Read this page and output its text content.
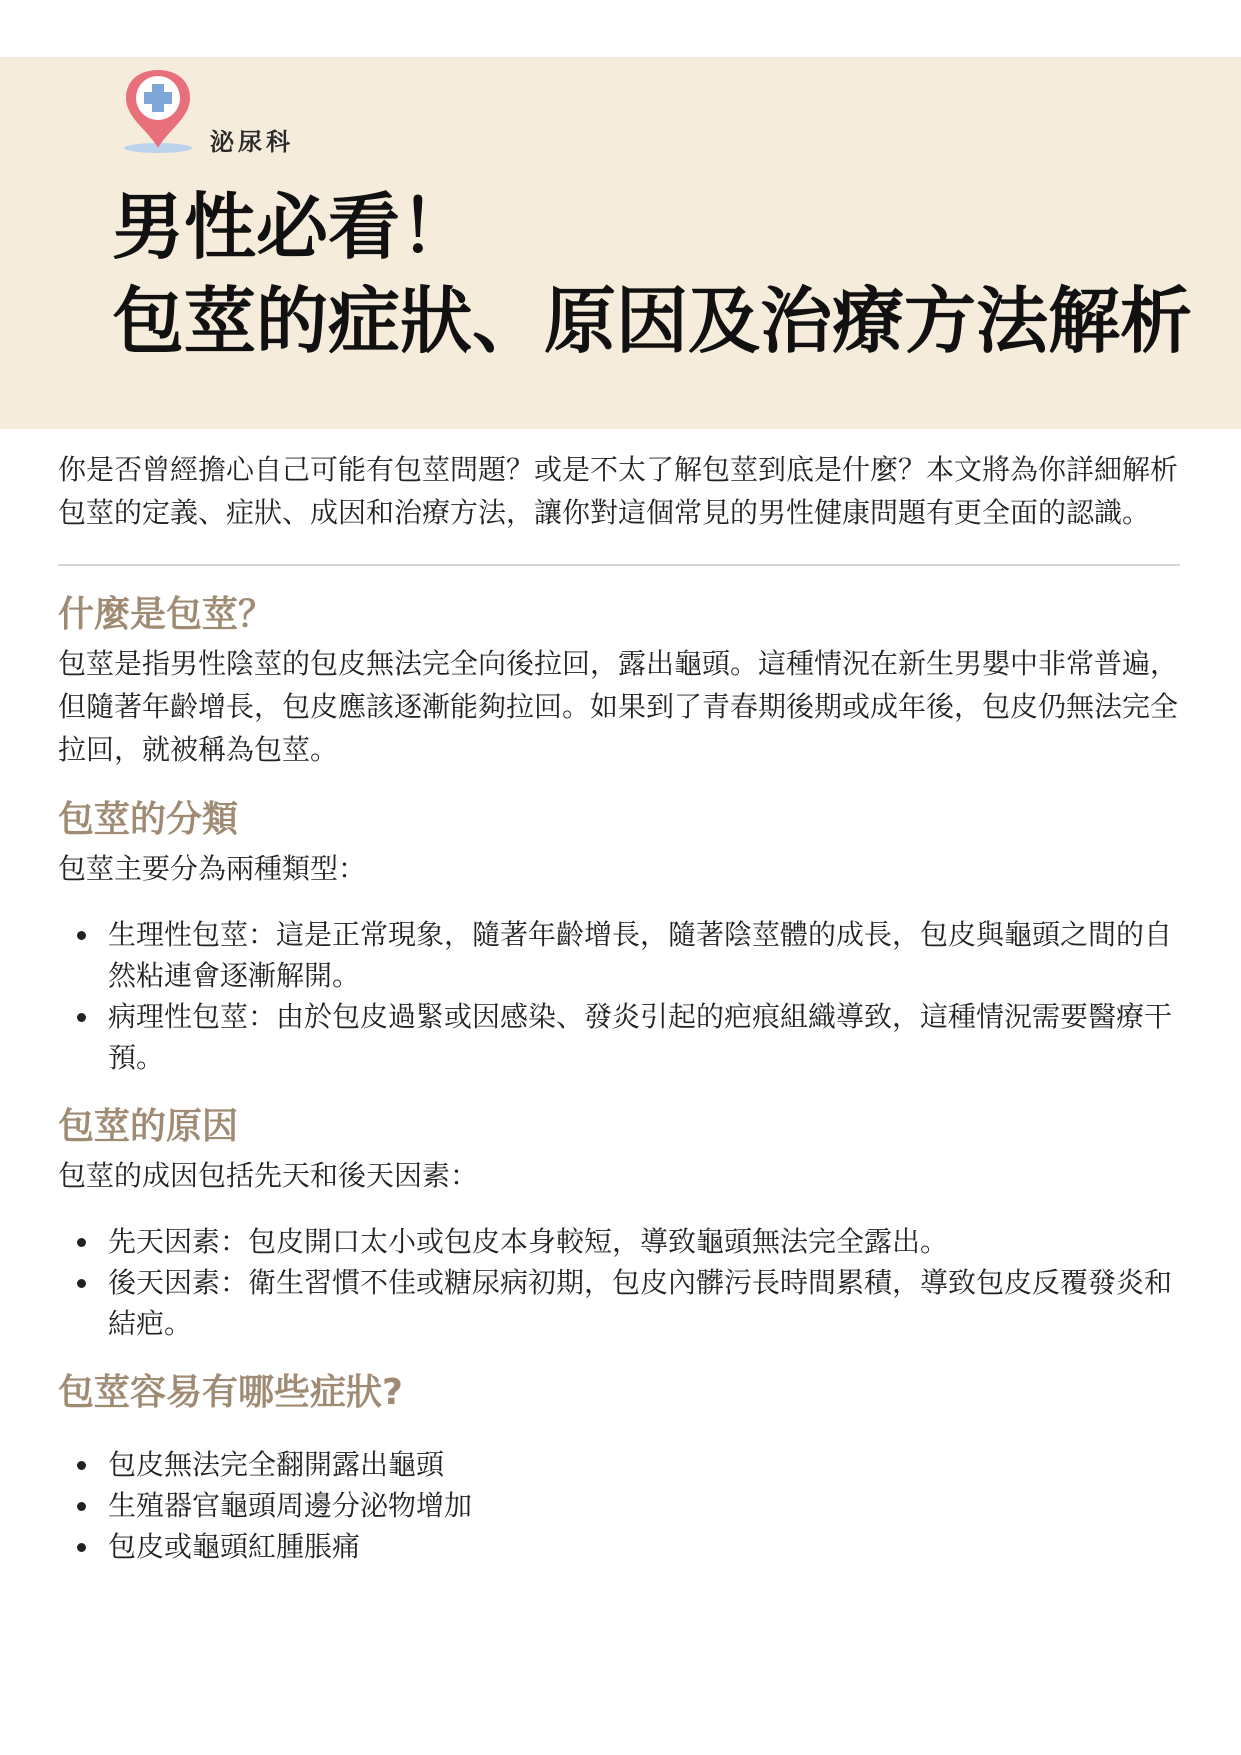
泌尿科
男性必看！
包莖的症狀、原因及治療方法解析

你是否曾經擔心自己可能有包莖問題？或是不太了解包莖到底是什麼？本文將為你詳細解析包莖的定義、症狀、成因和治療方法，讓你對這個常見的男性健康問題有更全面的認識。

什麼是包莖？

包莖是指男性陰莖的包皮無法完全向後拉回，露出龜頭。這種情況在新生男嬰中非常普遍，但隨著年齡增長，包皮應該逐漸能夠拉回。如果到了青春期後期或成年後，包皮仍無法完全拉回，就被稱為包莖。

包莖的分類

包莖主要分為兩種類型：

生理性包莖：這是正常現象，隨著年齡增長，隨著陰莖體的成長，包皮與龜頭之間的自然粘連會逐漸解開。
病理性包莖：由於包皮過緊或因感染、發炎引起的疤痕組織導致，這種情況需要醫療干預。
包莖的原因

包莖的成因包括先天和後天因素：

先天因素：包皮開口太小或包皮本身較短，導致龜頭無法完全露出。
後天因素：衛生習慣不佳或糖尿病初期，包皮內髒污長時間累積，導致包皮反覆發炎和結疤。
包莖容易有哪些症狀?
包皮無法完全翻開露出龜頭
生殖器官龜頭周邊分泌物增加
包皮或龜頭紅腫脹痛
